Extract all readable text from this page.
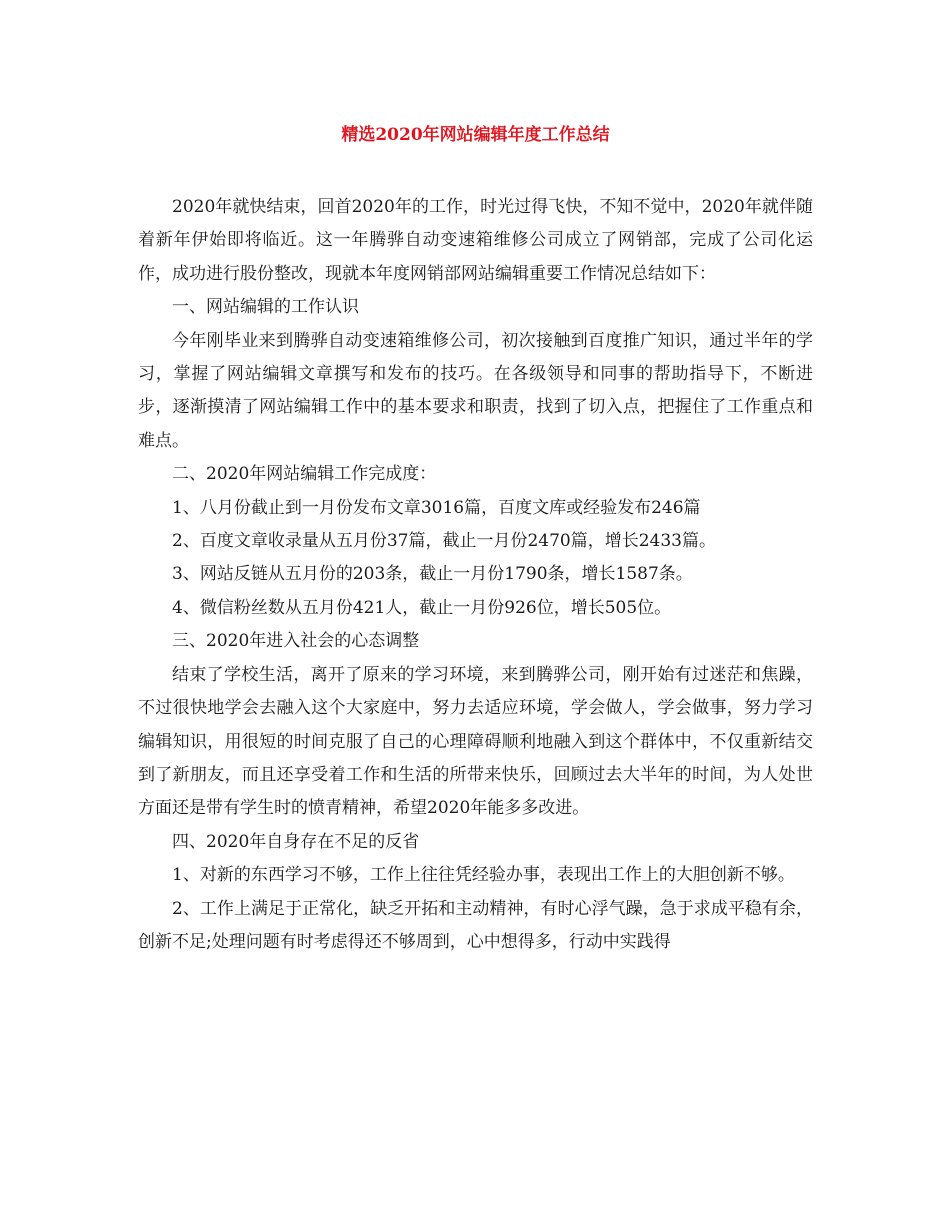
精选2020年网站编辑年度工作总结

2020年就快结束，回首2020年的工作，时光过得飞快，不知不觉中，2020年就伴随着新年伊始即将临近。这一年腾骅自动变速箱维修公司成立了网销部，完成了公司化运作，成功进行股份整改，现就本年度网销部网站编辑重要工作情况总结如下：

一、网站编辑的工作认识

今年刚毕业来到腾骅自动变速箱维修公司，初次接触到百度推广知识，通过半年的学习，掌握了网站编辑文章撰写和发布的技巧。在各级领导和同事的帮助指导下，不断进步，逐渐摸清了网站编辑工作中的基本要求和职责，找到了切入点，把握住了工作重点和难点。

二、2020年网站编辑工作完成度：

1、八月份截止到一月份发布文章3016篇，百度文库或经验发布246篇

2、百度文章收录量从五月份37篇，截止一月份2470篇，增长2433篇。

3、网站反链从五月份的203条，截止一月份1790条，增长1587条。

4、微信粉丝数从五月份421人，截止一月份926位，增长505位。

三、2020年进入社会的心态调整

结束了学校生活，离开了原来的学习环境，来到腾骅公司，刚开始有过迷茫和焦躁，不过很快地学会去融入这个大家庭中，努力去适应环境，学会做人，学会做事，努力学习编辑知识，用很短的时间克服了自己的心理障碍顺利地融入到这个群体中，不仅重新结交到了新朋友，而且还享受着工作和生活的所带来快乐，回顾过去大半年的时间，为人处世方面还是带有学生时的愤青精神，希望2020年能多多改进。

四、2020年自身存在不足的反省

1、对新的东西学习不够，工作上往往凭经验办事，表现出工作上的大胆创新不够。

2、工作上满足于正常化，缺乏开拓和主动精神，有时心浮气躁，急于求成平稳有余，创新不足;处理问题有时考虑得还不够周到，心中想得多，行动中实践得
